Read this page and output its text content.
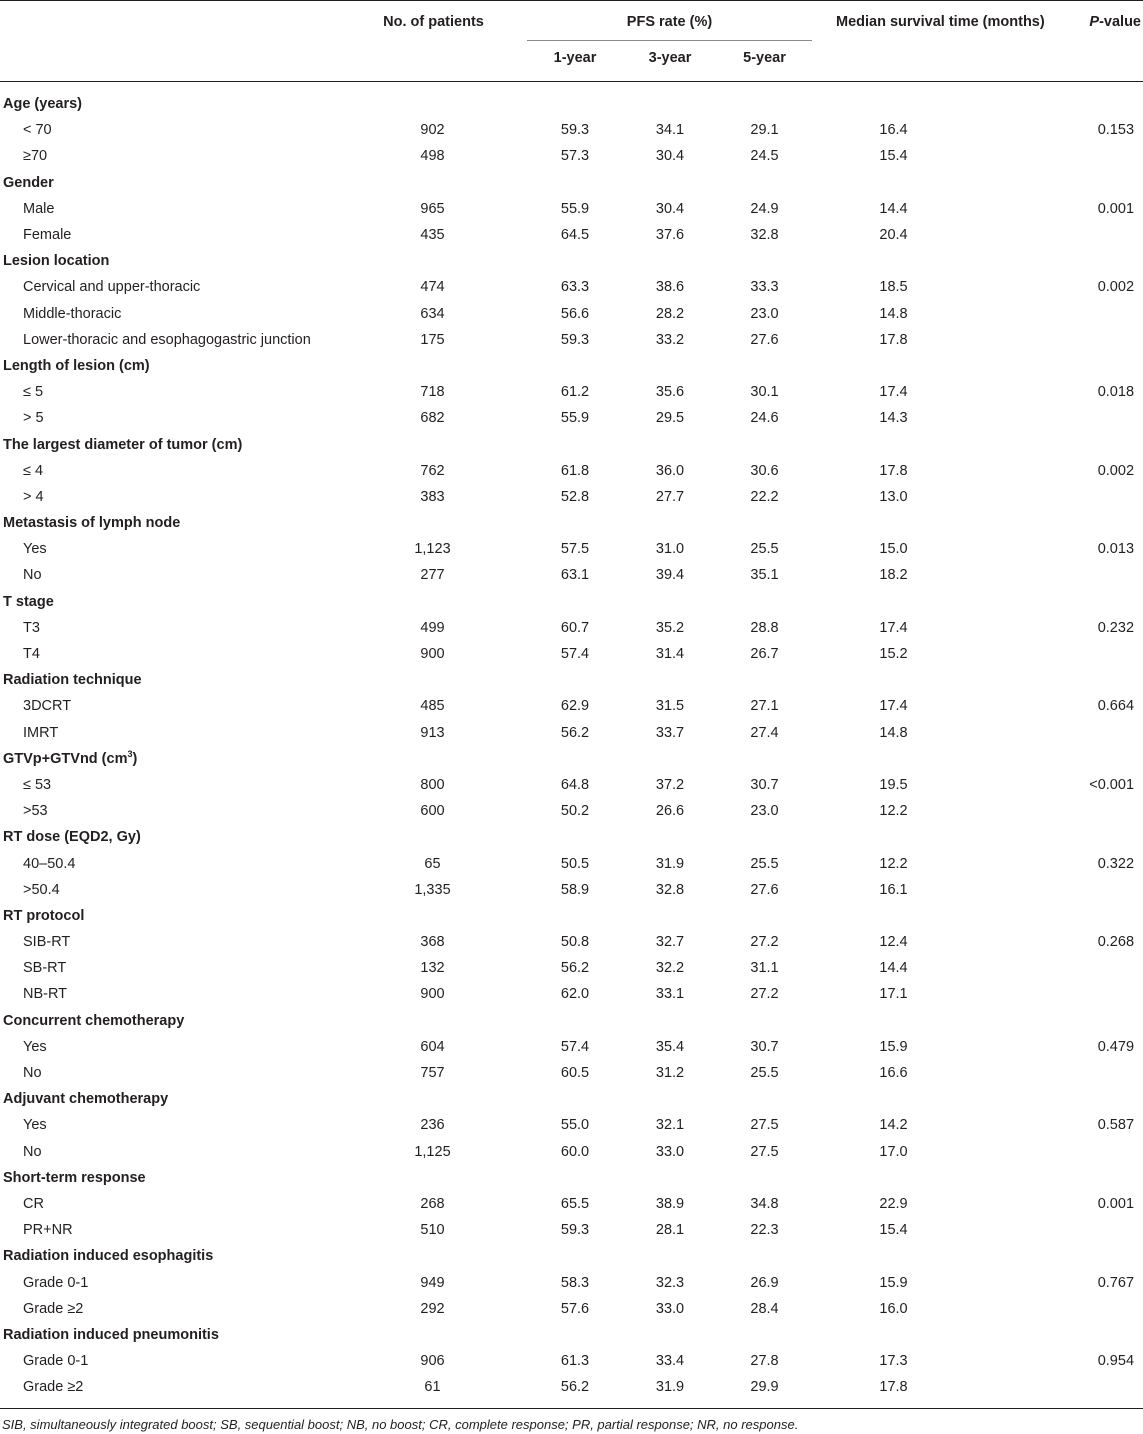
	No. of patients	PFS rate (%)			Median survival time (months)	P-value
		1-year	3-year	5-year		
Age (years)						
< 70	902	59.3	34.1	29.1	16.4	0.153
≥70	498	57.3	30.4	24.5	15.4	
Gender						
Male	965	55.9	30.4	24.9	14.4	0.001
Female	435	64.5	37.6	32.8	20.4	
Lesion location						
Cervical and upper-thoracic	474	63.3	38.6	33.3	18.5	0.002
Middle-thoracic	634	56.6	28.2	23.0	14.8	
Lower-thoracic and esophagogastric junction	175	59.3	33.2	27.6	17.8	
Length of lesion (cm)						
≤ 5	718	61.2	35.6	30.1	17.4	0.018
> 5	682	55.9	29.5	24.6	14.3	
The largest diameter of tumor (cm)						
≤ 4	762	61.8	36.0	30.6	17.8	0.002
> 4	383	52.8	27.7	22.2	13.0	
Metastasis of lymph node						
Yes	1,123	57.5	31.0	25.5	15.0	0.013
No	277	63.1	39.4	35.1	18.2	
T stage						
T3	499	60.7	35.2	28.8	17.4	0.232
T4	900	57.4	31.4	26.7	15.2	
Radiation technique						
3DCRT	485	62.9	31.5	27.1	17.4	0.664
IMRT	913	56.2	33.7	27.4	14.8	
GTVp+GTVnd $(cm^3)$						
≤ 53	800	64.8	37.2	30.7	19.5	<0.001
>53	600	50.2	26.6	23.0	12.2	
RT dose (EQD2, Gy)						
40–50.4	65	50.5	31.9	25.5	12.2	0.322
>50.4	1,335	58.9	32.8	27.6	16.1	
RT protocol						
SIB-RT	368	50.8	32.7	27.2	12.4	0.268
SB-RT	132	56.2	32.2	31.1	14.4	
NB-RT	900	62.0	33.1	27.2	17.1	
Concurrent chemotherapy						
Yes	604	57.4	35.4	30.7	15.9	0.479
No	757	60.5	31.2	25.5	16.6	
Adjuvant chemotherapy						
Yes	236	55.0	32.1	27.5	14.2	0.587
No	1,125	60.0	33.0	27.5	17.0	
Short-term response						
CR	268	65.5	38.9	34.8	22.9	0.001
PR+NR	510	59.3	28.1	22.3	15.4	
Radiation induced esophagitis						
Grade 0-1	949	58.3	32.3	26.9	15.9	0.767
Grade ≥2	292	57.6	33.0	28.4	16.0	
Radiation induced pneumonitis						
Grade 0-1	906	61.3	33.4	27.8	17.3	0.954
Grade ≥2	61	56.2	31.9	29.9	17.8	
SIB, simultaneously integrated boost; SB, sequential boost; NB, no boost; CR, complete response; PR, partial response; NR, no response.
